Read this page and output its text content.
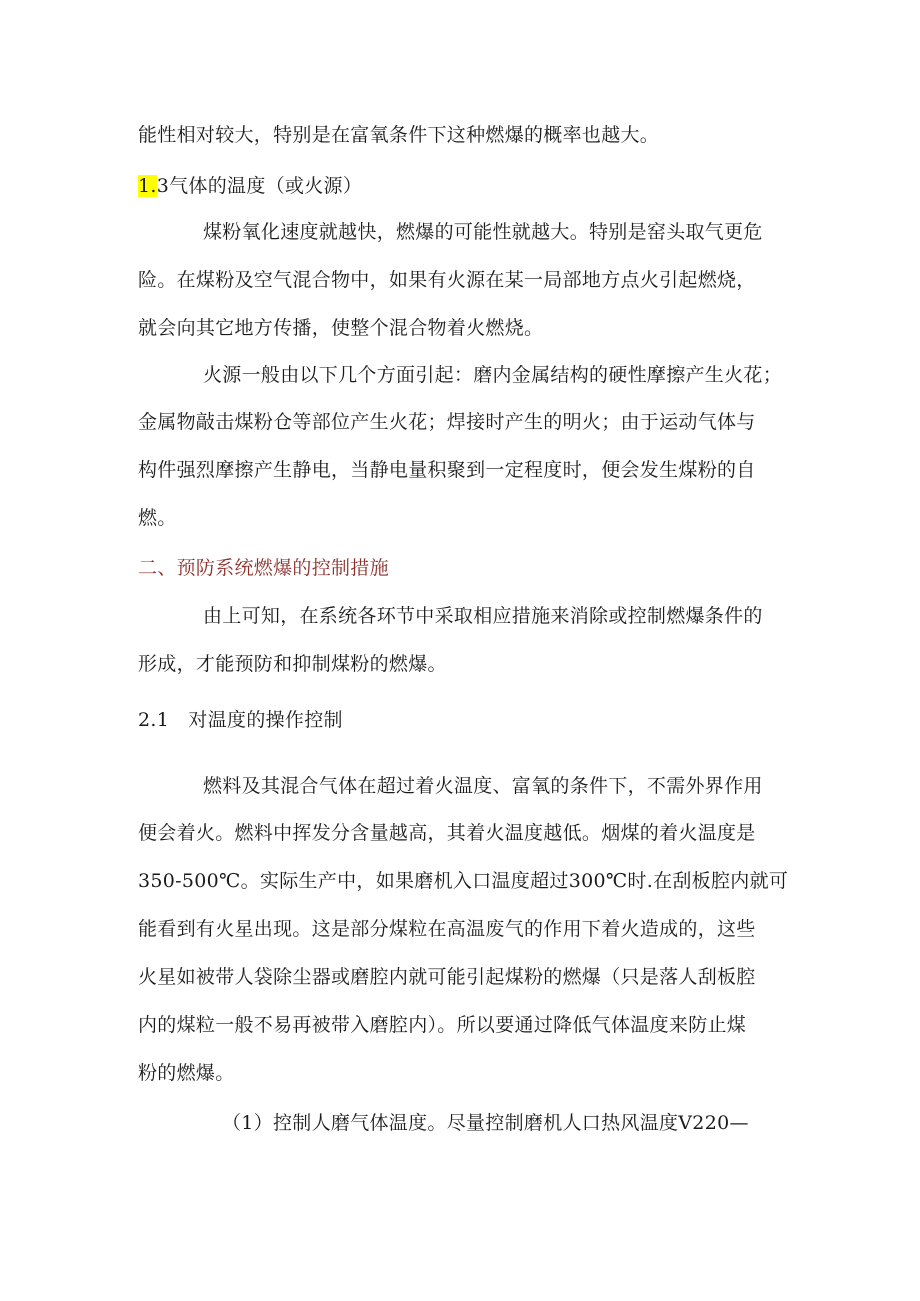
能性相对较大，特别是在富氧条件下这种燃爆的概率也越大。
1.3气体的温度（或火源）
煤粉氧化速度就越快，燃爆的可能性就越大。特别是窑头取气更危
险。在煤粉及空气混合物中，如果有火源在某一局部地方点火引起燃烧，
就会向其它地方传播，使整个混合物着火燃烧。
火源一般由以下几个方面引起：磨内金属结构的硬性摩擦产生火花；
金属物敲击煤粉仓等部位产生火花；焊接时产生的明火；由于运动气体与
构件强烈摩擦产生静电，当静电量积聚到一定程度时，便会发生煤粉的自
燃。
二、预防系统燃爆的控制措施
由上可知，在系统各环节中采取相应措施来消除或控制燃爆条件的
形成，才能预防和抑制煤粉的燃爆。
2.1　对温度的操作控制
燃料及其混合气体在超过着火温度、富氧的条件下，不需外界作用
便会着火。燃料中挥发分含量越高，其着火温度越低。烟煤的着火温度是
350-500℃。实际生产中，如果磨机入口温度超过300℃时.在刮板腔内就可
能看到有火星出现。这是部分煤粒在高温废气的作用下着火造成的，这些
火星如被带人袋除尘器或磨腔内就可能引起煤粉的燃爆（只是落人刮板腔
内的煤粒一般不易再被带入磨腔内）。所以要通过降低气体温度来防止煤
粉的燃爆。
（1）控制人磨气体温度。尽量控制磨机人口热风温度V220—
